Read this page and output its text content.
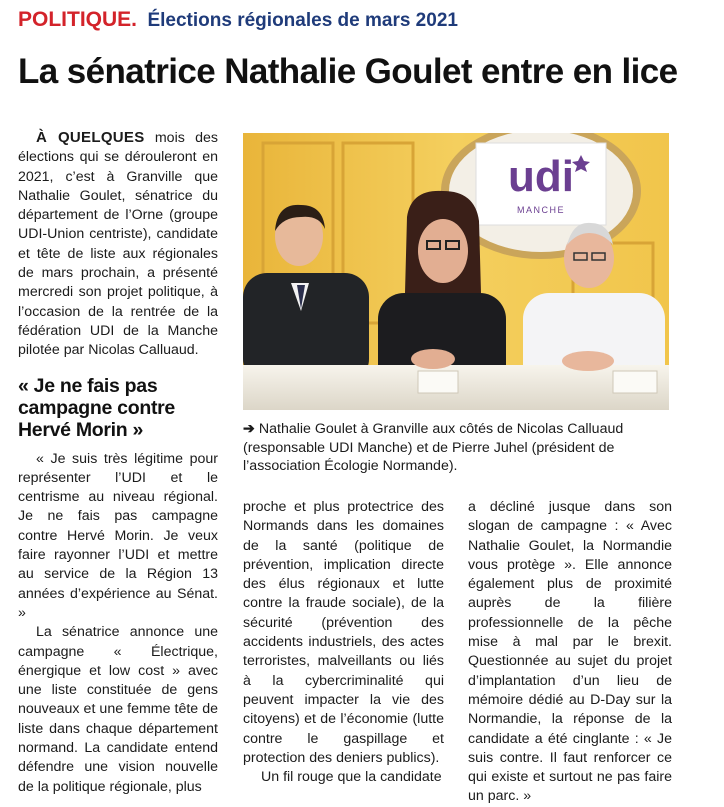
POLITIQUE. Élections régionales de mars 2021
La sénatrice Nathalie Goulet entre en lice

À QUELQUES mois des élections qui se dérouleront en 2021, c’est à Granville que Nathalie Goulet, sénatrice du département de l’Orne (groupe UDI-Union centriste), candidate et tête de liste aux régionales de mars prochain, a présenté mercredi son projet politique, à l’occasion de la rentrée de la fédération UDI de la Manche pilotée par Nicolas Calluaud.

« Je ne fais pas campagne contre Hervé Morin »

« Je suis très légitime pour représenter l’UDI et le centrisme au niveau régional. Je ne fais pas campagne contre Hervé Morin. Je veux faire rayonner l’UDI et mettre au service de la Région 13 années d’expérience au Sénat. »

La sénatrice annonce une campagne « Électrique, énergique et low cost » avec une liste constituée de gens nouveaux et une femme tête de liste dans chaque département normand. La candidate entend défendre une vision nouvelle de la politique régionale, plus

proche et plus protectrice des Normands dans les domaines de la santé (politique de prévention, implication directe des élus régionaux et lutte contre la fraude sociale), de la sécurité (prévention des accidents industriels, des actes terroristes, malveillants ou liés à la cybercriminalité qui peuvent impacter la vie des citoyens) et de l’économie (lutte contre le gaspillage et protection des deniers publics).

Un fil rouge que la candidate

a décliné jusque dans son slogan de campagne : « Avec Nathalie Goulet, la Normandie vous protège ». Elle annonce également plus de proximité auprès de la filière professionnelle de la pêche mise à mal par le brexit. Questionnée au sujet du projet d’implantation d’un lieu de mémoire dédié au D-Day sur la Normandie, la réponse de la candidate a été cinglante : « Je suis contre. Il faut renforcer ce qui existe et surtout ne pas faire un parc. »

udi
MANCHE
➔ Nathalie Goulet à Granville aux côtés de Nicolas Calluaud (responsable UDI Manche) et de Pierre Juhel (président de l’association Écologie Normande).
